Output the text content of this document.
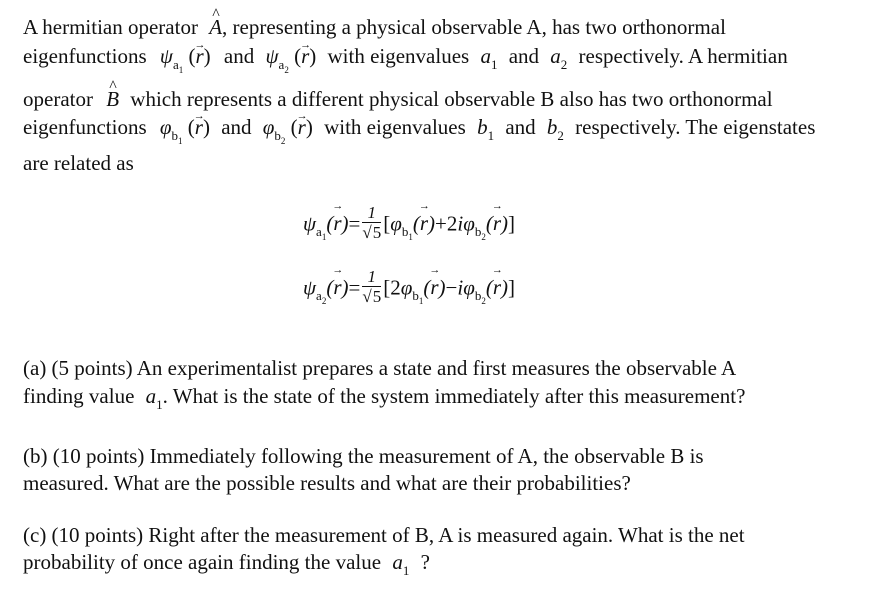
A hermitian operator ^ A, representing a physical observable A, has two orthonormal
eigenfunctions $\psi_{a_1}$ (→ r) and $\psi_{a_2}$ (→ r) with eigenvalues $a_1$ and $a_2$ respectively. A hermitian
operator ^ B which represents a different physical observable B also has two orthonormal
eigenfunctions $\varphi_{b_1}$ (→ r) and $\varphi_{b_2}$ (→ r) with eigenvalues $b_1$ and $b_2$ respectively. The eigenstates
are related as
$\psi_{a_1}(\to r)= \frac{1}{√5} [\varphi_{b_1}(\to r)+2i\varphi_{b_2}(\to r)]$
$\psi_{a_2}(\to r)= \frac{1}{√5} [2\varphi_{b_1}(\to r)-i\varphi_{b_2}(\to r)]$
(a) (5 points) An experimentalist prepares a state and first measures the observable A
finding value $a_1$. What is the state of the system immediately after this measurement?
(b) (10 points) Immediately following the measurement of A, the observable B is
measured. What are the possible results and what are their probabilities?
(c) (10 points) Right after the measurement of B, A is measured again. What is the net
probability of once again finding the value $a_1$ ?
